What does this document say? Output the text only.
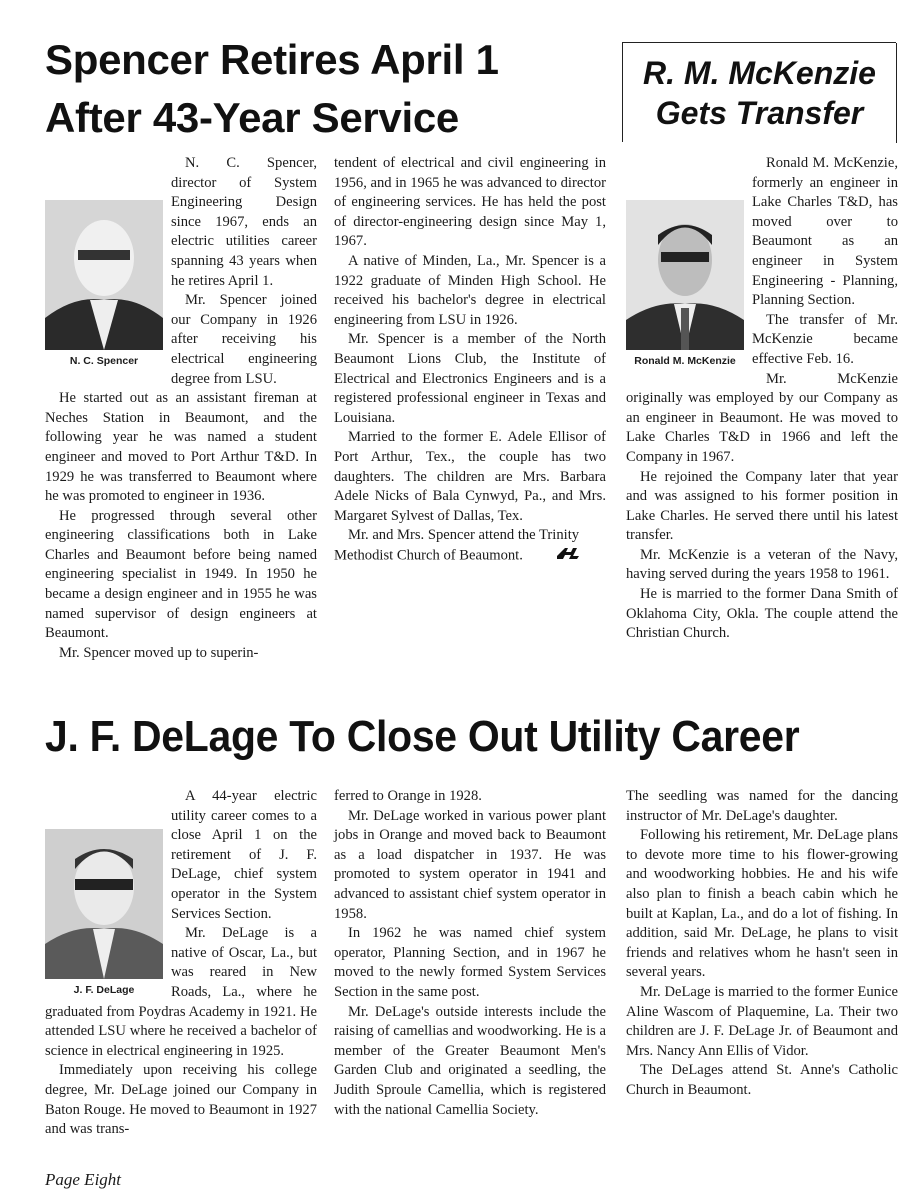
Spencer Retires April 1
After 43-Year Service
R. M. McKenzie
Gets Transfer
N. C. Spencer

N. C. Spencer, director of System Engineering Design since 1967, ends an electric utilities career spanning 43 years when he retires April 1.

Mr. Spencer joined our Company in 1926 after receiving his electrical engineering degree from LSU.

He started out as an assistant fireman at Neches Station in Beaumont, and the following year he was named a student engineer and moved to Port Arthur T&D. In 1929 he was transferred to Beaumont where he was promoted to engineer in 1936.

He progressed through several other engineering classifications both in Lake Charles and Beaumont before being named engineering specialist in 1949. In 1950 he became a design engineer and in 1955 he was named supervisor of design engineers at Beaumont.

Mr. Spencer moved up to superin-

tendent of electrical and civil engineering in 1956, and in 1965 he was advanced to director of engineering services. He has held the post of director-engineering design since May 1, 1967.

A native of Minden, La., Mr. Spencer is a 1922 graduate of Minden High School. He received his bachelor's degree in electrical engineering from LSU in 1926.

Mr. Spencer is a member of the North Beaumont Lions Club, the Institute of Electrical and Electronics Engineers and is a registered professional engineer in Texas and Louisiana.

Married to the former E. Adele Ellisor of Port Arthur, Tex., the couple has two daughters. The children are Mrs. Barbara Adele Nicks of Bala Cynwyd, Pa., and Mrs. Margaret Sylvest of Dallas, Tex.

Mr. and Mrs. Spencer attend the Trinity Methodist Church of Beaumont.

Ronald M. McKenzie

Ronald M. McKenzie, formerly an engineer in Lake Charles T&D, has moved over to Beaumont as an engineer in System Engineering - Planning, Planning Section.

The transfer of Mr. McKenzie became effective Feb. 16.

Mr. McKenzie originally was employed by our Company as an engineer in Beaumont. He was moved to Lake Charles T&D in 1966 and left the Company in 1967.

He rejoined the Company later that year and was assigned to his former position in Lake Charles. He served there until his latest transfer.

Mr. McKenzie is a veteran of the Navy, having served during the years 1958 to 1961.

He is married to the former Dana Smith of Oklahoma City, Okla. The couple attend the Christian Church.

J. F. DeLage To Close Out Utility Career
J. F. DeLage

A 44-year electric utility career comes to a close April 1 on the retirement of J. F. DeLage, chief system operator in the System Services Section.

Mr. DeLage is a native of Oscar, La., but was reared in New Roads, La., where he graduated from Poydras Academy in 1921. He attended LSU where he received a bachelor of science in electrical engineering in 1925.

Immediately upon receiving his college degree, Mr. DeLage joined our Company in Baton Rouge. He moved to Beaumont in 1927 and was trans-

ferred to Orange in 1928.

Mr. DeLage worked in various power plant jobs in Orange and moved back to Beaumont as a load dispatcher in 1937. He was promoted to system operator in 1941 and advanced to assistant chief system operator in 1958.

In 1962 he was named chief system operator, Planning Section, and in 1967 he moved to the newly formed System Services Section in the same post.

Mr. DeLage's outside interests include the raising of camellias and woodworking. He is a member of the Greater Beaumont Men's Garden Club and originated a seedling, the Judith Sproule Camellia, which is registered with the national Camellia Society.

The seedling was named for the dancing instructor of Mr. DeLage's daughter.

Following his retirement, Mr. DeLage plans to devote more time to his flower-growing and woodworking hobbies. He and his wife also plan to finish a beach cabin which he built at Kaplan, La., and do a lot of fishing. In addition, said Mr. DeLage, he plans to visit friends and relatives whom he hasn't seen in several years.

Mr. DeLage is married to the former Eunice Aline Wascom of Plaquemine, La. Their two children are J. F. DeLage Jr. of Beaumont and Mrs. Nancy Ann Ellis of Vidor.

The DeLages attend St. Anne's Catholic Church in Beaumont.

Page Eight
